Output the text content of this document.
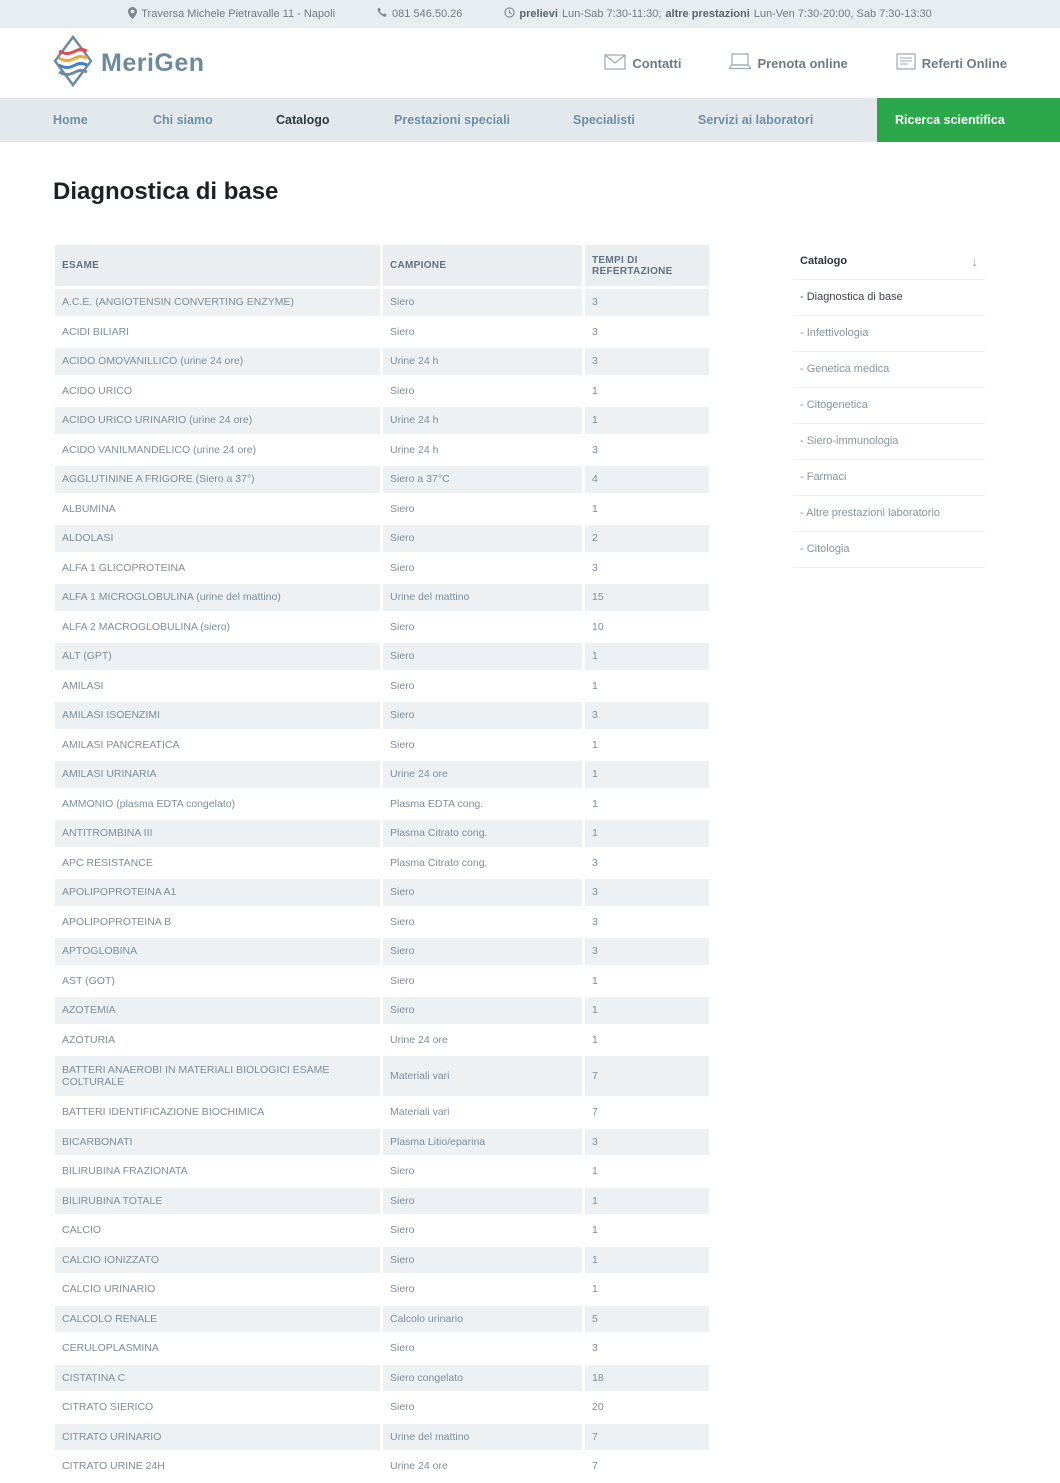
Traversa Michele Pietravalle 11 - Napoli	081 546.50.26	prelievi Lun-Sab 7:30-11:30; altre prestazioni Lun-Ven 7:30-20:00, Sab 7:30-13:30
MeriGen	Contatti	Prenota online	Referti Online
Home	Chi siamo	Catalogo	Prestazioni speciali	Specialisti	Servizi ai laboratori	Ricerca scientifica
Diagnostica di base
ESAME	CAMPIONE	TEMPI DI REFERTAZIONE
A.C.E. (ANGIOTENSIN CONVERTING ENZYME)	Siero	3
ACIDI BILIARI	Siero	3
ACIDO OMOVANILLICO (urine 24 ore)	Urine 24 h	3
ACIDO URICO	Siero	1
ACIDO URICO URINARIO (urine 24 ore)	Urine 24 h	1
ACIDO VANILMANDELICO (urine 24 ore)	Urine 24 h	3
AGGLUTININE A FRIGORE (Siero a 37°)	Siero a 37°C	4
ALBUMINA	Siero	1
ALDOLASI	Siero	2
ALFA 1 GLICOPROTEINA	Siero	3
ALFA 1 MICROGLOBULINA (urine del mattino)	Urine del mattino	15
ALFA 2 MACROGLOBULINA (siero)	Siero	10
ALT (GPT)	Siero	1
AMILASI	Siero	1
AMILASI ISOENZIMI	Siero	3
AMILASI PANCREATICA	Siero	1
AMILASI URINARIA	Urine 24 ore	1
AMMONIO (plasma EDTA congelato)	Plasma EDTA cong.	1
ANTITROMBINA III	Plasma Citrato cong.	1
APC RESISTANCE	Plasma Citrato cong.	3
APOLIPOPROTEINA A1	Siero	3
APOLIPOPROTEINA B	Siero	3
APTOGLOBINA	Siero	3
AST (GOT)	Siero	1
AZOTEMIA	Siero	1
AZOTURIA	Urine 24 ore	1
BATTERI ANAEROBI IN MATERIALI BIOLOGICI ESAME COLTURALE	Materiali vari	7
BATTERI IDENTIFICAZIONE BIOCHIMICA	Materiali vari	7
BICARBONATI	Plasma Litio/eparina	3
BILIRUBINA FRAZIONATA	Siero	1
BILIRUBINA TOTALE	Siero	1
CALCIO	Siero	1
CALCIO IONIZZATO	Siero	1
CALCIO URINARIO	Siero	1
CALCOLO RENALE	Calcolo urinario	5
CERULOPLASMINA	Siero	3
CISTATINA C	Siero congelato	18
CITRATO SIERICO	Siero	20
CITRATO URINARIO	Urine del mattino	7
CITRATO URINE 24H	Urine 24 ore	7
Catalogo	↓
- Diagnostica di base
- Infettivologia
- Genetica medica
- Citogenetica
- Siero-immunologia
- Farmaci
- Altre prestazioni laboratorio
- Citologia
